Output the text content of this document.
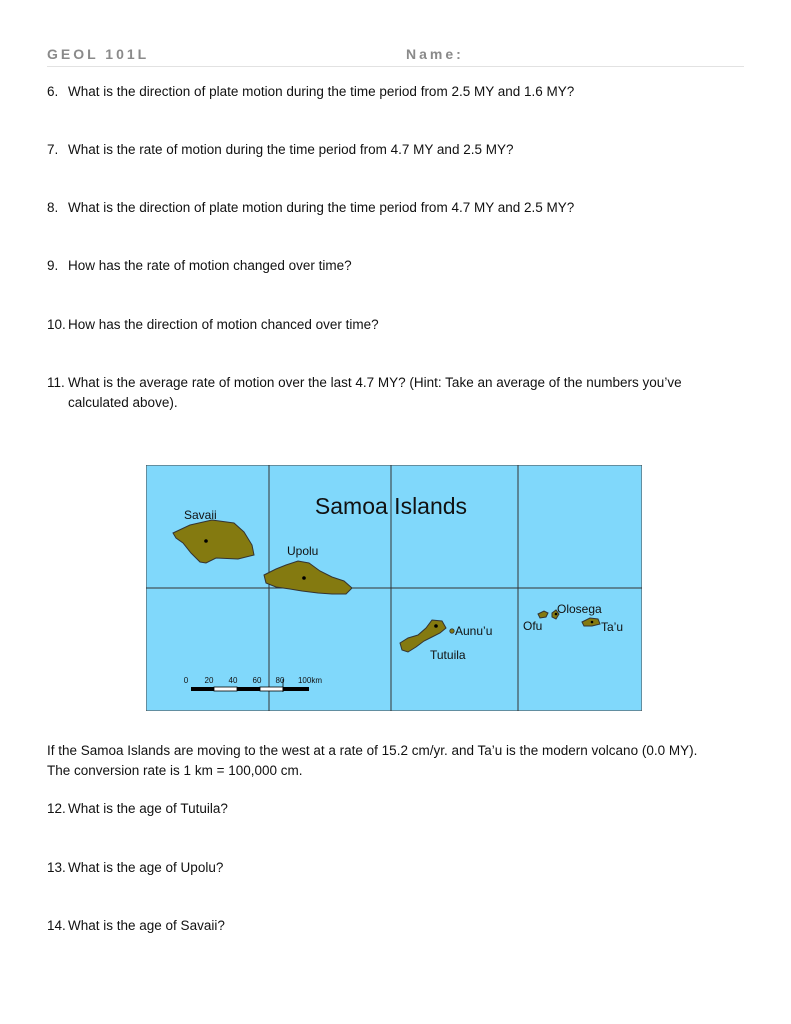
GEOL 101L	Name:
6. What is the direction of plate motion during the time period from 2.5 MY and 1.6 MY?
7. What is the rate of motion during the time period from 4.7 MY and 2.5 MY?
8. What is the direction of plate motion during the time period from 4.7 MY and 2.5 MY?
9. How has the rate of motion changed over time?
10. How has the direction of motion chanced over time?
11. What is the average rate of motion over the last 4.7 MY? (Hint: Take an average of the numbers you’ve calculated above).
Samoa Islands
Savaii
Upolu
Tutuila
Aunu’u	Ofu
Olosega
Ta’u
0 20 40 60 80 100km
If the Samoa Islands are moving to the west at a rate of 15.2 cm/yr. and Ta’u is the modern volcano (0.0 MY).
The conversion rate is 1 km = 100,000 cm.
12. What is the age of Tutuila?
13. What is the age of Upolu?
14. What is the age of Savaii?
